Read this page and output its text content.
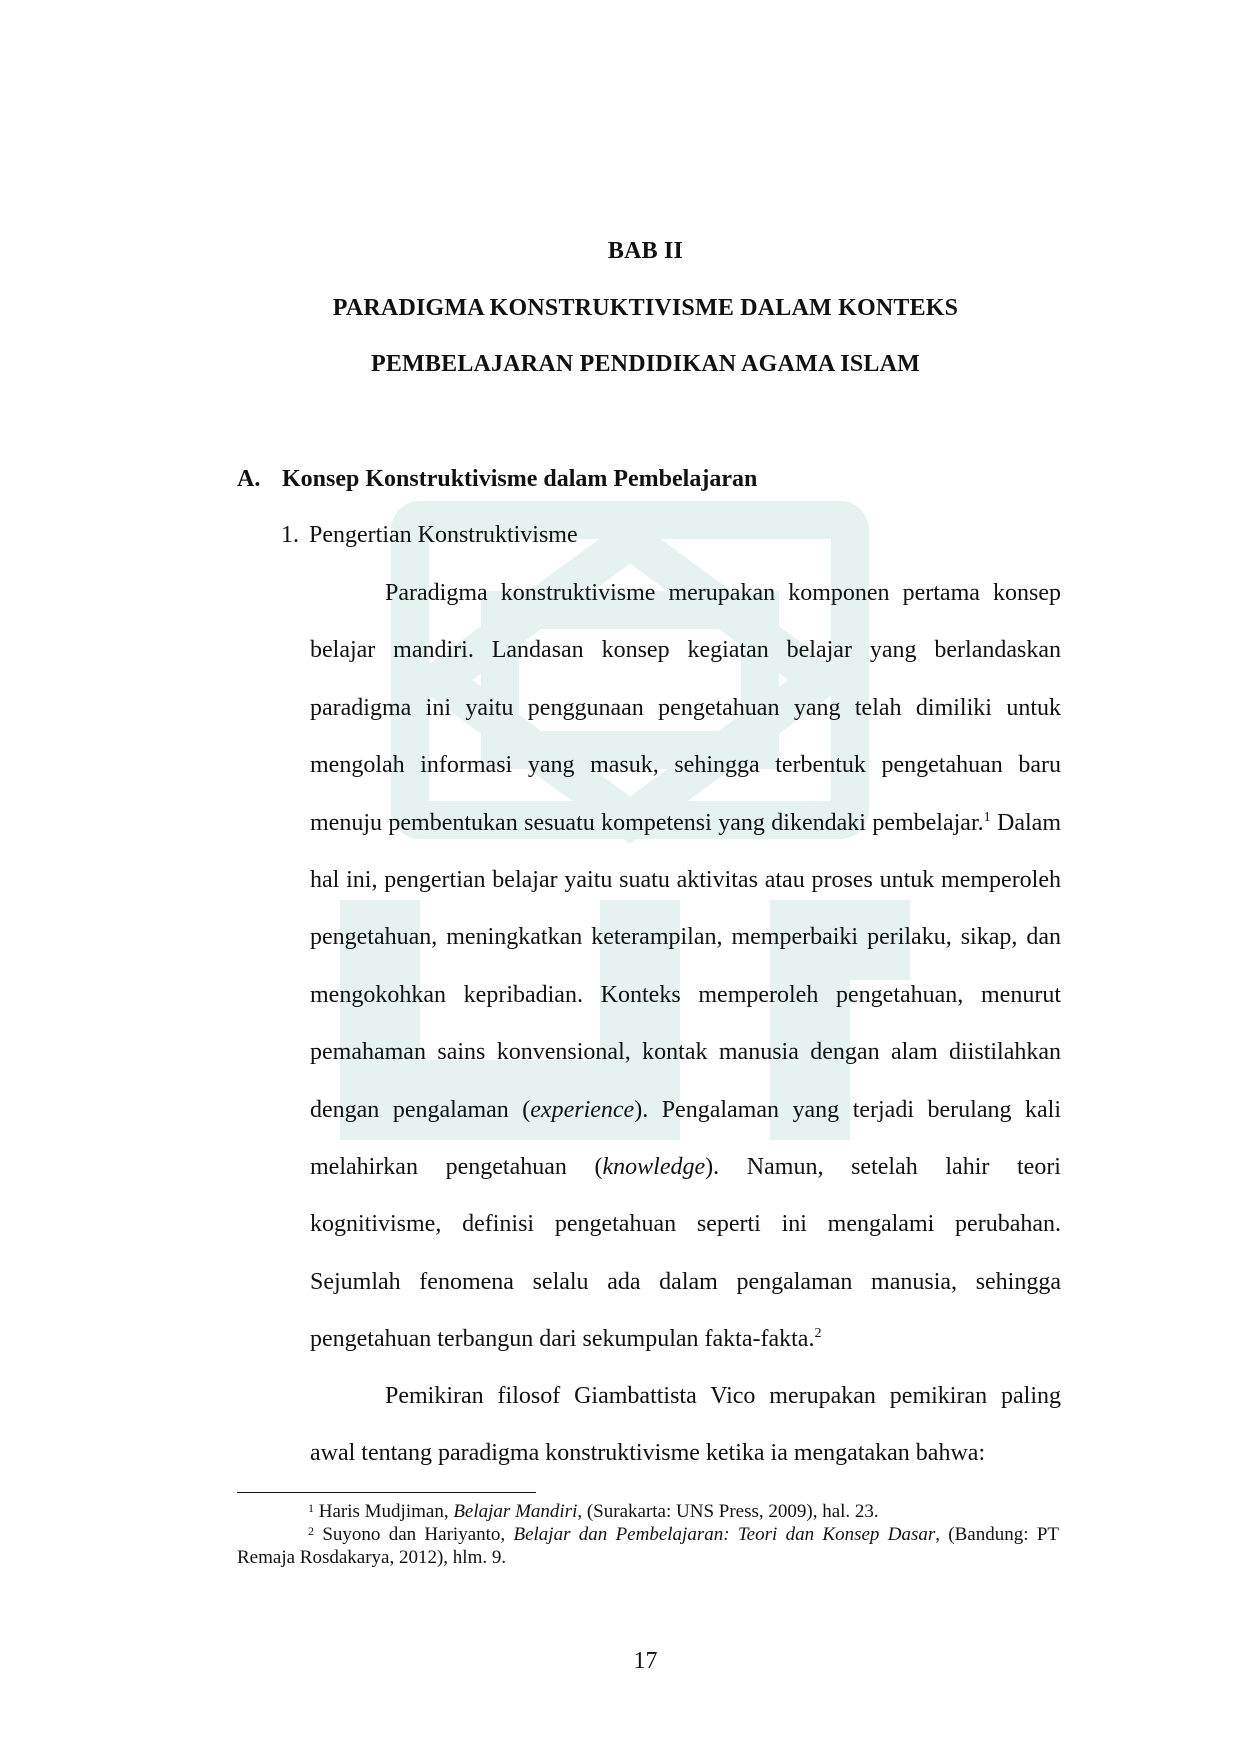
BAB II
PARADIGMA KONSTRUKTIVISME DALAM KONTEKS
PEMBELAJARAN PENDIDIKAN AGAMA ISLAM
A. Konsep Konstruktivisme dalam Pembelajaran
1. Pengertian Konstruktivisme

Paradigma konstruktivisme merupakan komponen pertama konsep belajar mandiri. Landasan konsep kegiatan belajar yang berlandaskan paradigma ini yaitu penggunaan pengetahuan yang telah dimiliki untuk mengolah informasi yang masuk, sehingga terbentuk pengetahuan baru menuju pembentukan sesuatu kompetensi yang dikendaki pembelajar.$^1$ Dalam hal ini, pengertian belajar yaitu suatu aktivitas atau proses untuk memperoleh pengetahuan, meningkatkan keterampilan, memperbaiki perilaku, sikap, dan mengokohkan kepribadian. Konteks memperoleh pengetahuan, menurut pemahaman sains konvensional, kontak manusia dengan alam diistilahkan dengan pengalaman (experience). Pengalaman yang terjadi berulang kali melahirkan pengetahuan (knowledge). Namun, setelah lahir teori kognitivisme, definisi pengetahuan seperti ini mengalami perubahan. Sejumlah fenomena selalu ada dalam pengalaman manusia, sehingga pengetahuan terbangun dari sekumpulan fakta-fakta.$^2$

Pemikiran filosof Giambattista Vico merupakan pemikiran paling awal tentang paradigma konstruktivisme ketika ia mengatakan bahwa:

$^1$ Haris Mudjiman, Belajar Mandiri, (Surakarta: UNS Press, 2009), hal. 23.

$^2$ Suyono dan Hariyanto, Belajar dan Pembelajaran: Teori dan Konsep Dasar, (Bandung: PT Remaja Rosdakarya, 2012), hlm. 9.

17
